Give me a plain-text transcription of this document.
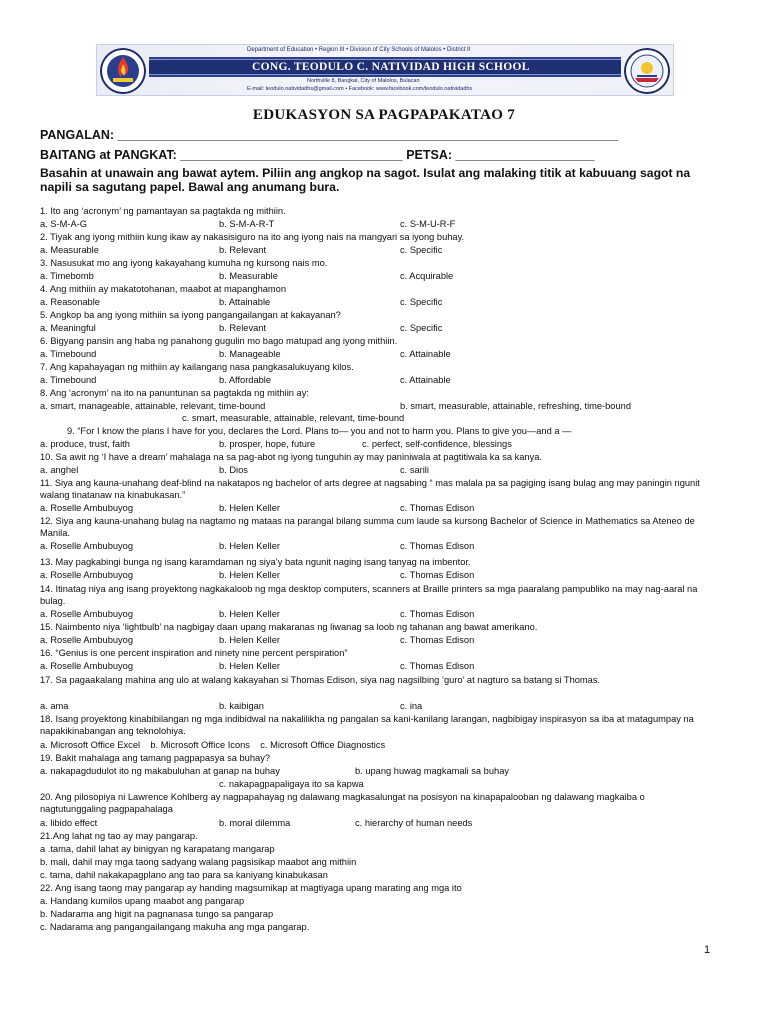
Department of Education • Region III • Division of City Schools of Malolos • District II
CONG. TEODULO C. NATIVIDAD HIGH SCHOOL
Northville 8, Bangkal, City of Malolos, Bulacan
E-mail: teodulo.natividadhs@gmail.com • Facebook: www.facebook.com/teodulo.natividadhs
EDUKASYON SA PAGPAPAKATAO 7
PANGALAN: ________________________________________________________________________
BAITANG at PANGKAT: ________________________________ PETSA: ____________________
Basahin at unawain ang bawat aytem. Piliin ang angkop na sagot. Isulat ang malaking titik at kabuuang sagot na napili sa sagutang papel. Bawal ang anumang bura.
1. Ito ang ‘acronym’ ng pamantayan sa pagtakda ng mithiin.
a. S-M-A-G	b. S-M-A-R-T	c. S-M-U-R-F
2. Tiyak ang iyong mithiin kung ikaw ay nakasisiguro na ito ang iyong nais na mangyari sa iyong buhay.
a. Measurable	b. Relevant	c. Specific
3. Nasusukat mo ang iyong kakayahang kumuha ng kursong nais mo.
a. Timebomb	b. Measurable	c. Acquirable
4. Ang mithiin ay makatotohanan, maabot at mapanghamon
a. Reasonable	b. Attainable	c. Specific
5. Angkop ba ang iyong mithiin sa iyong pangangailangan at kakayanan?
a. Meaningful	b. Relevant	c. Specific
6. Bigyang pansin ang haba ng panahong gugulin mo bago matupad ang iyong mithiin.
a. Timebound	b. Manageable	c. Attainable
7. Ang kapahayagan ng mithiin ay kailangang nasa pangkasalukuyang kilos.
a. Timebound	b. Affordable	c. Attainable
8. Ang ‘acronym’ na ito na panuntunan sa pagtakda ng mithiin ay:
a. smart, manageable, attainable, relevant, time-bound	b. smart, measurable, attainable, refreshing, time-bound
c. smart, measurable, attainable, relevant, time-bound
9. “For I know the plans I have for you, declares the Lord. Plans to— you and not to harm you. Plans to give you—and a —
a. produce, trust, faith	b. prosper, hope, future	c. perfect, self-confidence, blessings
10. Sa awit ng ‘I have a dream’ mahalaga na sa pag-abot ng iyong tunguhin ay may paniniwala at pagtitiwala ka sa kanya.
a. anghel	b. Dios	c. sarili
11. Siya ang kauna-unahang deaf-blind na nakatapos ng bachelor of arts degree at nagsabing “ mas malala pa sa pagiging isang bulag ang may paningin ngunit walang tinatanaw na kinabukasan.”
a. Roselle Ambubuyog	b. Helen Keller	c. Thomas Edison
12. Siya ang kauna-unahang bulag na nagtamo ng mataas na parangal bilang summa cum laude sa kursong Bachelor of Science in Mathematics sa Ateneo de Manila.
a. Roselle Ambubuyog	b. Helen Keller	c. Thomas Edison
13. May pagkabingi bunga ng isang karamdaman ng siya’y bata ngunit naging isang tanyag na imbentor.
a. Roselle Ambubuyog	b. Helen Keller	c. Thomas Edison
14. Itinatag niya ang isang proyektong nagkakaloob ng mga desktop computers, scanners at Braille printers sa mga paaralang pampubliko na may nag-aaral na bulag.
a. Roselle Ambubuyog	b. Helen Keller	c. Thomas Edison
15. Naimbento niya ‘lightbulb’ na nagbigay daan upang makaranas ng liwanag sa loob ng tahanan ang bawat amerikano.
a. Roselle Ambubuyog	b. Helen Keller	c. Thomas Edison
16. “Genius is one percent inspiration and ninety nine percent perspiration”
a. Roselle Ambubuyog	b. Helen Keller	c. Thomas Edison
17. Sa pagaakalang mahina ang ulo at walang kakayahan si Thomas Edison, siya nag nagsilbing ‘guro’ at nagturo sa batang si Thomas.
a. ama	b. kaibigan	c. ina
18. Isang proyektong kinabibilangan ng mga indibidwal na nakalilikha ng pangalan sa kani-kanilang larangan, nagbibigay inspirasyon sa iba at matagumpay na napakikinabangan ang teknolohiya.
a. Microsoft Office Excel    b. Microsoft Office Icons    c. Microsoft Office Diagnostics
19. Bakit mahalaga ang tamang pagpapasya sa buhay?
a. nakapagdudulot ito ng makabuluhan at ganap na buhay	b. upang huwag magkamali sa buhay
c. nakapagpapaligaya ito sa kapwa
20. Ang pilosopiya ni Lawrence Kohlberg ay nagpapahayag ng dalawang magkasalungat na posisyon na kinapapalooban ng dalawang magkaiba o nagtutunggaling pagpapahalaga
a. libido effect	b. moral dilemma	c. hierarchy of human needs
21.Ang lahat ng tao ay may pangarap.
a .tama, dahil lahat ay binigyan ng karapatang mangarap
b. mali, dahil may mga taong sadyang walang pagsisikap maabot ang mithiin
c. tama, dahil nakakapagplano ang tao para sa kaniyang kinabukasan
22. Ang isang taong may pangarap ay handing magsumikap at magtiyaga upang marating ang mga ito
a. Handang kumilos upang maabot ang pangarap
b. Nadarama ang higit na pagnanasa tungo sa pangarap
c. Nadarama ang pangangailangang makuha ang mga pangarap.
1
